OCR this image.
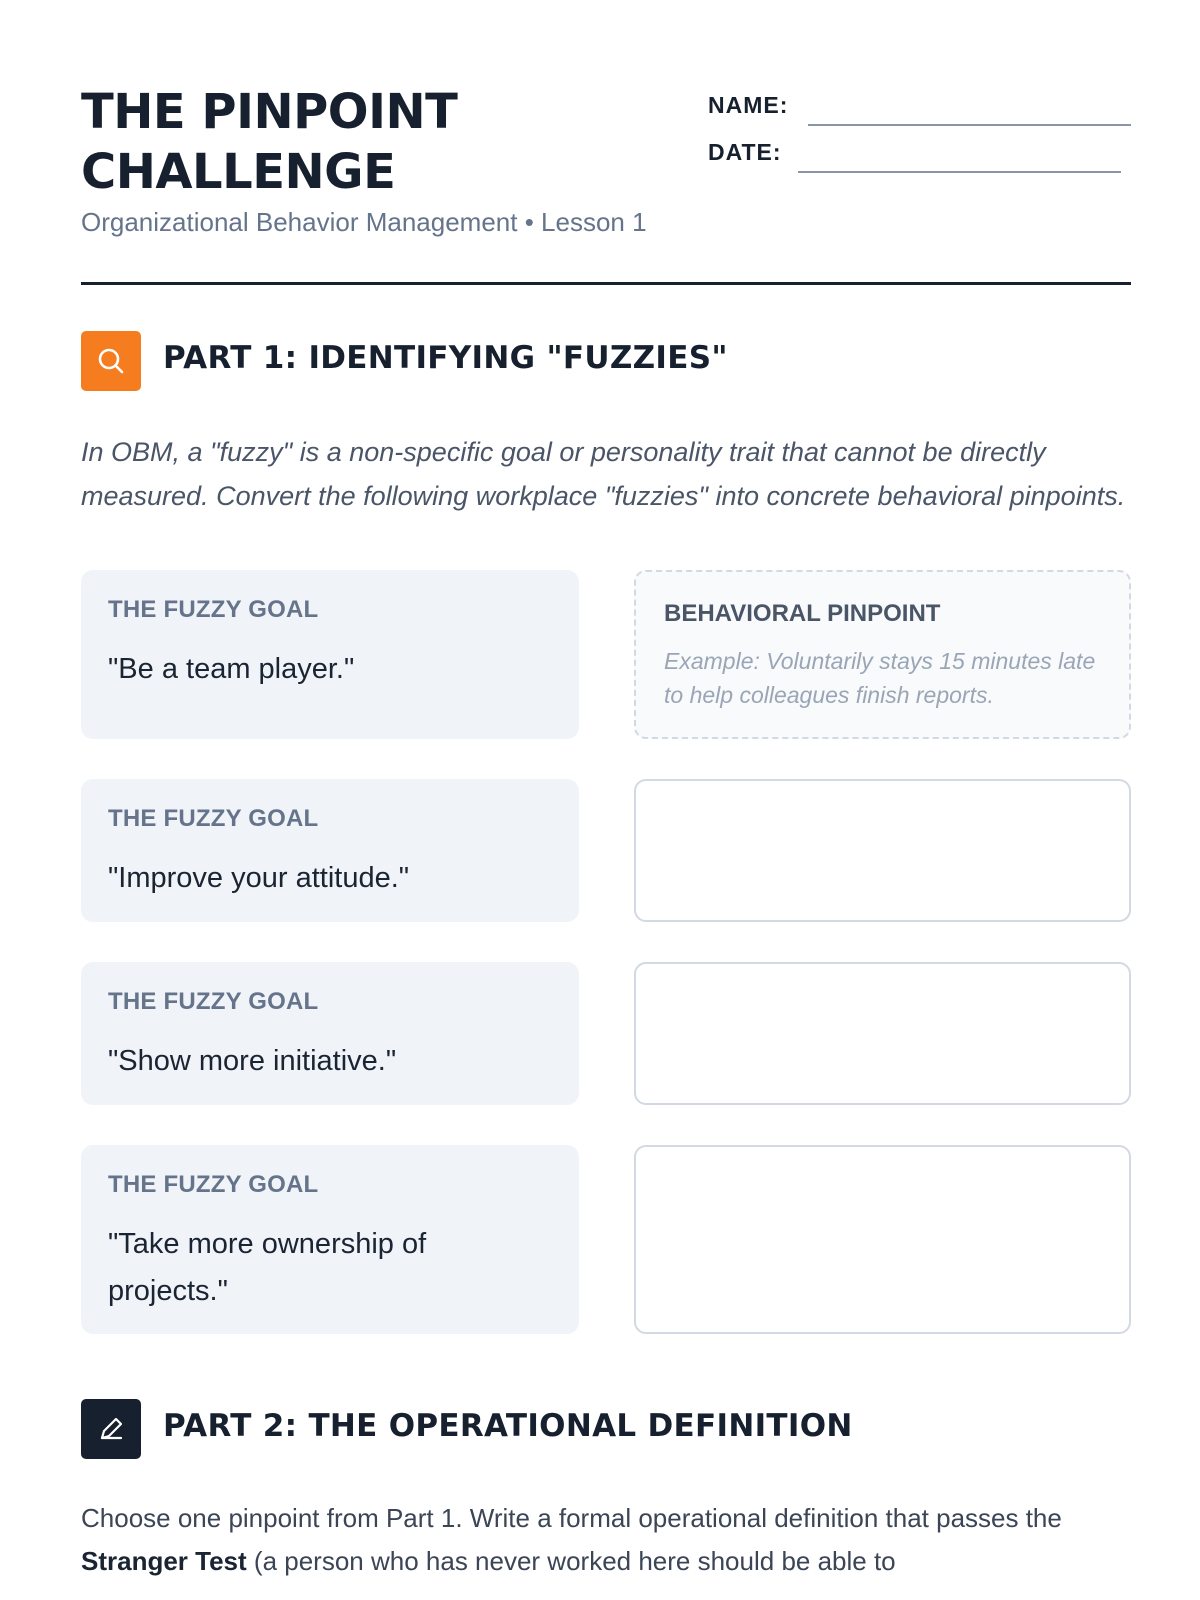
THE PINPOINT CHALLENGE
Organizational Behavior Management • Lesson 1
NAME:
DATE:
PART 1: IDENTIFYING "FUZZIES"

In OBM, a "fuzzy" is a non-specific goal or personality trait that cannot be directly measured. Convert the following workplace "fuzzies" into concrete behavioral pinpoints.

THE FUZZY GOAL
"Be a team player."
BEHAVIORAL PINPOINT
Example: Voluntarily stays 15 minutes late to help colleagues finish reports.
THE FUZZY GOAL
"Improve your attitude."
THE FUZZY GOAL
"Show more initiative."
THE FUZZY GOAL
"Take more ownership of projects."
PART 2: THE OPERATIONAL DEFINITION

Choose one pinpoint from Part 1. Write a formal operational definition that passes the Stranger Test (a person who has never worked here should be able to
